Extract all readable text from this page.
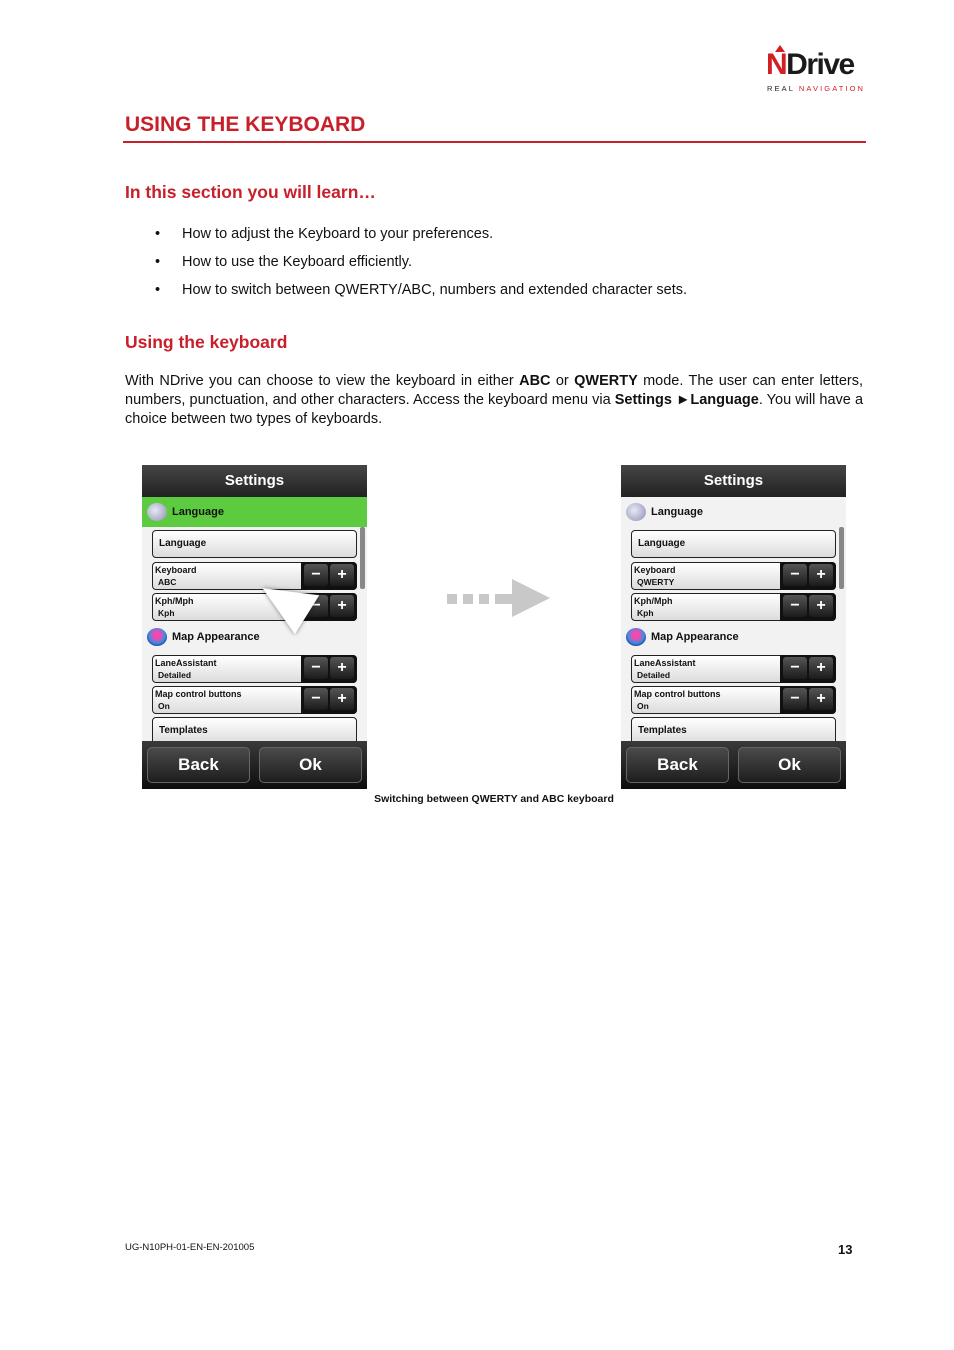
NDrive
REAL NAVIGATION
USING THE KEYBOARD
In this section you will learn…
• How to adjust the Keyboard to your preferences.
• How to use the Keyboard efficiently.
• How to switch between QWERTY/ABC, numbers and extended character sets.
Using the keyboard
With NDrive you can choose to view the keyboard in either ABC or QWERTY mode. The user can enter letters, numbers, punctuation, and other characters. Access the keyboard menu via Settings ►Language. You will have a choice between two types of keyboards.
Settings
Language
Language
Keyboard
ABC	−	+
Kph/Mph
Kph	−	+
Map Appearance
LaneAssistant
Detailed	−	+
Map control buttons
On	−	+
Templates
Back	Ok
Settings
Language
Language
Keyboard
QWERTY	−	+
Kph/Mph
Kph	−	+
Map Appearance
LaneAssistant
Detailed	−	+
Map control buttons
On	−	+
Templates
Back	Ok
Switching between QWERTY and ABC keyboard
UG-N10PH-01-EN-EN-201005	13
